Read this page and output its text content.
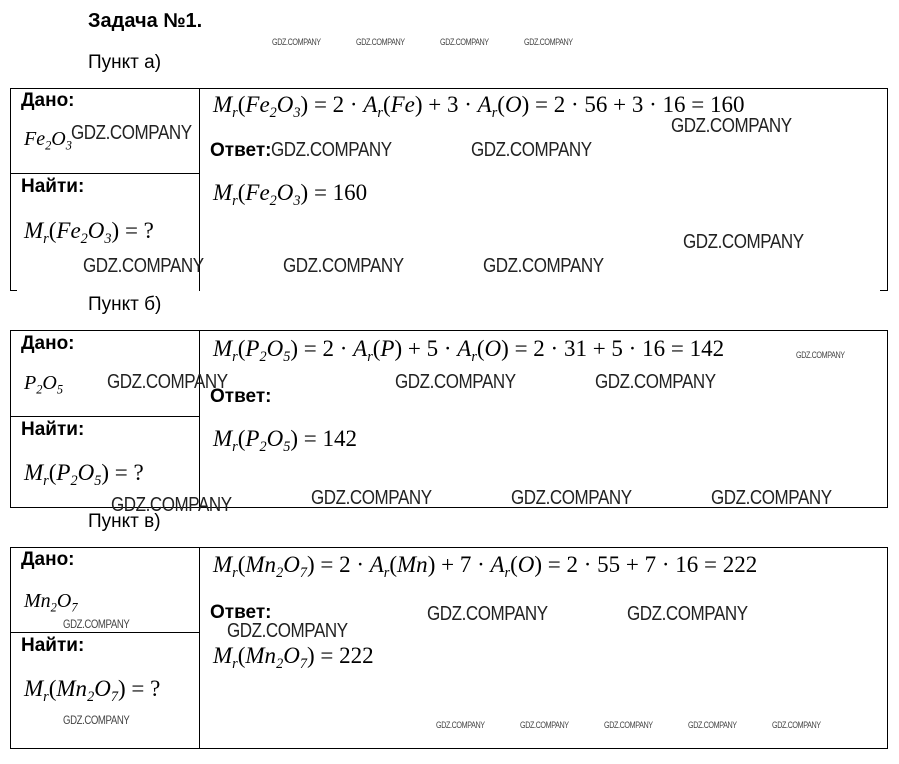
Задача №1.
GDZ.COMPANY	GDZ.COMPANY	GDZ.COMPANY	GDZ.COMPANY
Пункт а)
Дано:
$Fe_2O_3$
Найти:
$M_r(Fe_2O_3)$ = ?
$M_r(Fe_2O_3) = 2 \cdot A_r(Fe) + 3 \cdot A_r(O) = 2 \cdot 56 + 3 \cdot 16 = 160$
Ответ:
$M_r(Fe_2O_3) = 160$
GDZ.COMPANY	GDZ.COMPANY
GDZ.COMPANY	GDZ.COMPANY
GDZ.COMPANY
GDZ.COMPANY	GDZ.COMPANY	GDZ.COMPANY
Пункт б)
Дано:
$P_2O_5$
Найти:
$M_r(P_2O_5)$ = ?
$M_r(P_2O_5) = 2 \cdot A_r(P) + 5 \cdot A_r(O) = 2 \cdot 31 + 5 \cdot 16 = 142$
Ответ:
$M_r(P_2O_5) = 142$
GDZ.COMPANY
GDZ.COMPANY	GDZ.COMPANY	GDZ.COMPANY
GDZ.COMPANY	GDZ.COMPANY	GDZ.COMPANY	GDZ.COMPANY
Пункт в)
Дано:
$Mn_2O_7$
Найти:
$M_r(Mn_2O_7)$ = ?
$M_r(Mn_2O_7) = 2 \cdot A_r(Mn) + 7 \cdot A_r(O) = 2 \cdot 55 + 7 \cdot 16 = 222$
Ответ:
$M_r(Mn_2O_7) = 222$
GDZ.COMPANY	GDZ.COMPANY
GDZ.COMPANY	GDZ.COMPANY
GDZ.COMPANY	GDZ.COMPANY	GDZ.COMPANY	GDZ.COMPANY	GDZ.COMPANY	GDZ.COMPANY
